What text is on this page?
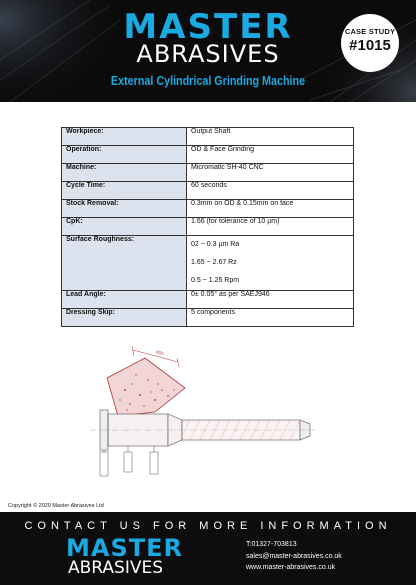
MASTER
ABRASIVES
External Cylindrical Grinding Machine
CASE STUDY
#1015
Workpiece:	Output Shaft
Operation:	OD & Face Grinding
Machine:	Micromatic SH-40 CNC
Cycle Time:	60 seconds
Stock Removal:	0.3mm on OD & 0.15mm on face
CpK:	1.66 (for tolerance of 10 µm)
Surface Roughness:	02 ~ 0.3 µm Ra
1.65 ~ 2.67 Rz
0.5 ~ 1.25 Rpm

Lead Angle:	0± 0.05° as per SAEJ946
Dressing Skip:	5 components
Ø50
Copyright © 2020 Master Abrasives Ltd
CONTACT US FOR MORE INFORMATION
MASTER
ABRASIVES
T:01327-703813
sales@master-abrasives.co.uk
www.master-abrasives.co.uk
